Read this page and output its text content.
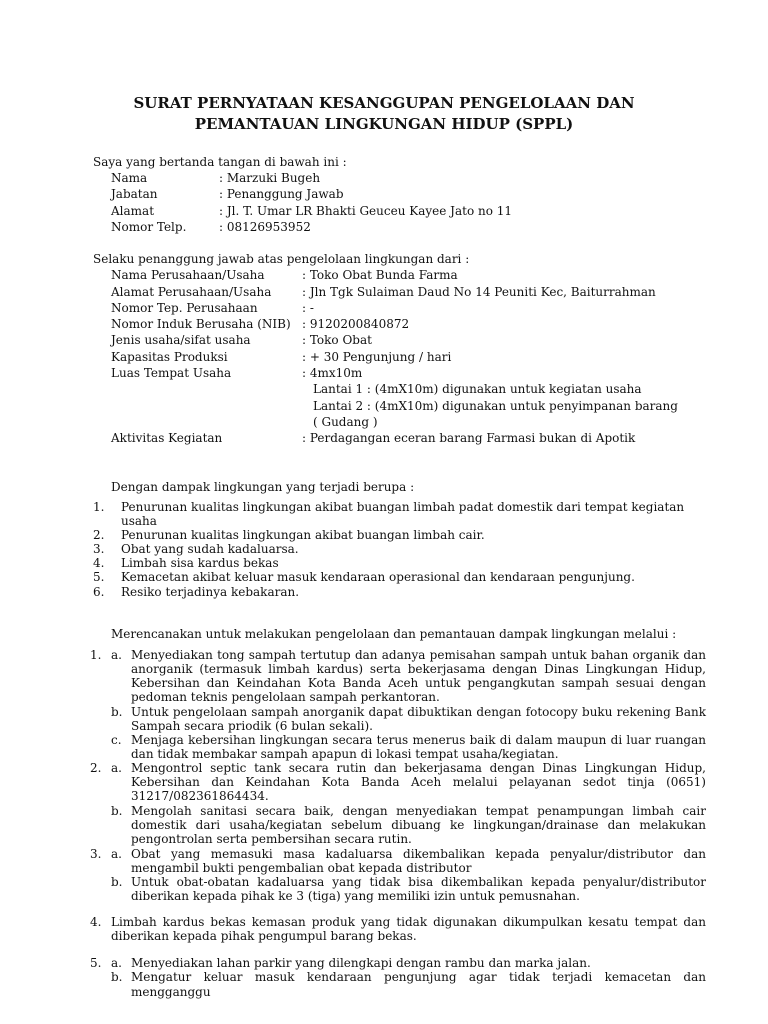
SURAT PERNYATAAN KESANGGUPAN PENGELOLAAN DAN
PEMANTAUAN LINGKUNGAN HIDUP (SPPL)
Saya yang bertanda tangan di bawah ini :
Nama	: Marzuki Bugeh
Jabatan	: Penanggung Jawab
Alamat	: Jl. T. Umar LR Bhakti Geuceu Kayee Jato no 11
Nomor Telp.	: 08126953952
Selaku penanggung jawab atas pengelolaan lingkungan dari :
Nama Perusahaan/Usaha	: Toko Obat Bunda Farma
Alamat Perusahaan/Usaha	: Jln Tgk Sulaiman Daud No 14 Peuniti Kec, Baiturrahman
Nomor Tep. Perusahaan	: -
Nomor Induk Berusaha (NIB) : 9120200840872
Jenis usaha/sifat usaha	: Toko Obat
Kapasitas Produksi	: + 30 Pengunjung / hari
Luas Tempat Usaha	: 4mx10m
Lantai 1 : (4mX10m) digunakan untuk kegiatan usaha
Lantai 2 : (4mX10m) digunakan untuk penyimpanan barang
( Gudang )
Aktivitas Kegiatan	: Perdagangan eceran barang Farmasi bukan di Apotik
Dengan dampak lingkungan yang terjadi berupa :
1. Penurunan kualitas lingkungan akibat buangan limbah padat domestik dari tempat kegiatan
usaha
2. Penurunan kualitas lingkungan akibat buangan limbah cair.
3. Obat yang sudah kadaluarsa.
4. Limbah sisa kardus bekas
5. Kemacetan akibat keluar masuk kendaraan operasional dan kendaraan pengunjung.
6. Resiko terjadinya kebakaran.
Merencanakan untuk melakukan pengelolaan dan pemantauan dampak lingkungan melalui :
1. a. Menyediakan tong sampah tertutup dan adanya pemisahan sampah untuk bahan organik dan
anorganik (termasuk limbah kardus) serta bekerjasama dengan Dinas Lingkungan Hidup,
Kebersihan dan Keindahan Kota Banda Aceh untuk pengangkutan sampah sesuai dengan
pedoman teknis pengelolaan sampah perkantoran.
b. Untuk pengelolaan sampah anorganik dapat dibuktikan dengan fotocopy buku rekening Bank
Sampah secara priodik (6 bulan sekali).
c. Menjaga kebersihan lingkungan secara terus menerus baik di dalam maupun di luar ruangan
dan tidak membakar sampah apapun di lokasi tempat usaha/kegiatan.
2. a. Mengontrol septic tank secara rutin dan bekerjasama dengan Dinas Lingkungan Hidup,
Kebersihan dan Keindahan Kota Banda Aceh melalui pelayanan sedot tinja (0651)
31217/082361864434.
b. Mengolah sanitasi secara baik, dengan menyediakan tempat penampungan limbah cair
domestik dari usaha/kegiatan sebelum dibuang ke lingkungan/drainase dan melakukan
pengontrolan serta pembersihan secara rutin.
3. a. Obat yang memasuki masa kadaluarsa dikembalikan kepada penyalur/distributor dan
mengambil bukti pengembalian obat kepada distributor
b. Untuk obat-obatan kadaluarsa yang tidak bisa dikembalikan kepada penyalur/distributor
diberikan kepada pihak ke 3 (tiga) yang memiliki izin untuk pemusnahan.
4. Limbah kardus bekas kemasan produk yang tidak digunakan dikumpulkan kesatu tempat dan
diberikan kepada pihak pengumpul barang bekas.
5. a. Menyediakan lahan parkir yang dilengkapi dengan rambu dan marka jalan.
b. Mengatur keluar masuk kendaraan pengunjung agar tidak terjadi kemacetan dan mengganggu
